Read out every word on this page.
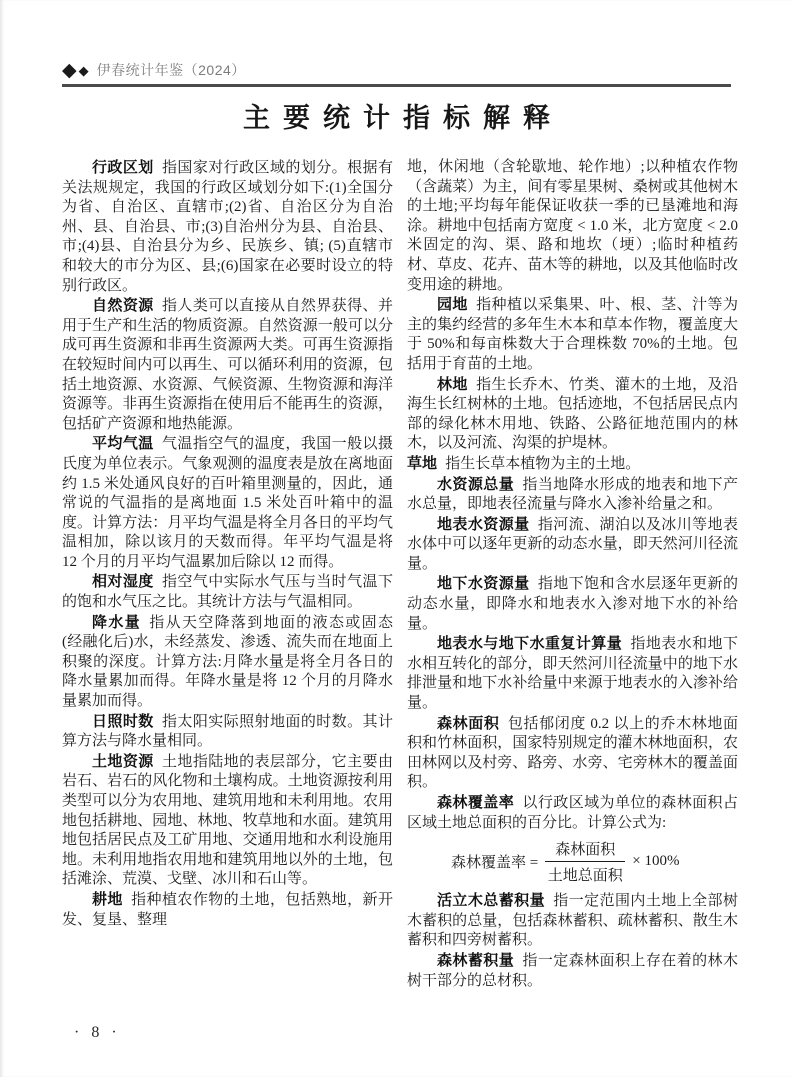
◆ ◆ 伊春统计年鉴（2024）
主要统计指标解释

行政区划 指国家对行政区域的划分。根据有关法规规定，我国的行政区域划分如下:(1)全国分为省、自治区、直辖市;(2)省、自治区分为自治州、县、自治县、市;(3)自治州分为县、自治县、市;(4)县、自治县分为乡、民族乡、镇; (5)直辖市和较大的市分为区、县;(6)国家在必要时设立的特别行政区。

自然资源 指人类可以直接从自然界获得、并用于生产和生活的物质资源。自然资源一般可以分成可再生资源和非再生资源两大类。可再生资源指在较短时间内可以再生、可以循环利用的资源，包括土地资源、水资源、气候资源、生物资源和海洋资源等。非再生资源指在使用后不能再生的资源，包括矿产资源和地热能源。

平均气温 气温指空气的温度，我国一般以摄氏度为单位表示。气象观测的温度表是放在离地面约 1.5 米处通风良好的百叶箱里测量的，因此，通常说的气温指的是离地面 1.5 米处百叶箱中的温度。计算方法：月平均气温是将全月各日的平均气温相加，除以该月的天数而得。年平均气温是将 12 个月的月平均气温累加后除以 12 而得。

相对湿度 指空气中实际水气压与当时气温下的饱和水气压之比。其统计方法与气温相同。

降水量 指从天空降落到地面的液态或固态 (经融化后)水，未经蒸发、渗透、流失而在地面上积聚的深度。计算方法:月降水量是将全月各日的降水量累加而得。年降水量是将 12 个月的月降水量累加而得。

日照时数 指太阳实际照射地面的时数。其计算方法与降水量相同。

土地资源 土地指陆地的表层部分，它主要由岩石、岩石的风化物和土壤构成。土地资源按利用类型可以分为农用地、建筑用地和未利用地。农用地包括耕地、园地、林地、牧草地和水面。建筑用地包括居民点及工矿用地、交通用地和水利设施用地。未利用地指农用地和建筑用地以外的土地，包括滩涂、荒漠、戈壁、冰川和石山等。

耕地 指种植农作物的土地，包括熟地，新开发、复垦、整理

地，休闲地（含轮歇地、轮作地）;以种植农作物（含蔬菜）为主，间有零星果树、桑树或其他树木的土地;平均每年能保证收获一季的已垦滩地和海涂。耕地中包括南方宽度 < 1.0 米，北方宽度 < 2.0 米固定的沟、渠、路和地坎（埂）;临时种植药材、草皮、花卉、苗木等的耕地，以及其他临时改变用途的耕地。

园地 指种植以采集果、叶、根、茎、汁等为主的集约经营的多年生木本和草本作物，覆盖度大于 50%和每亩株数大于合理株数 70%的土地。包括用于育苗的土地。

林地 指生长乔木、竹类、灌木的土地，及沿海生长红树林的土地。包括迹地，不包括居民点内部的绿化林木用地、铁路、公路征地范围内的林木，以及河流、沟渠的护堤林。

草地 指生长草本植物为主的土地。

水资源总量 指当地降水形成的地表和地下产水总量，即地表径流量与降水入渗补给量之和。

地表水资源量 指河流、湖泊以及冰川等地表水体中可以逐年更新的动态水量，即天然河川径流量。

地下水资源量 指地下饱和含水层逐年更新的动态水量，即降水和地表水入渗对地下水的补给量。

地表水与地下水重复计算量 指地表水和地下水相互转化的部分，即天然河川径流量中的地下水排泄量和地下水补给量中来源于地表水的入渗补给量。

森林面积 包括郁闭度 0.2 以上的乔木林地面积和竹林面积，国家特别规定的灌木林地面积，农田林网以及村旁、路旁、水旁、宅旁林木的覆盖面积。

森林覆盖率 以行政区域为单位的森林面积占区域土地总面积的百分比。计算公式为:

森林覆盖率 = $\frac{\text{森林面积}}{\text{土地总面积}} \times 100\%$

活立木总蓄积量 指一定范围内土地上全部树木蓄积的总量，包括森林蓄积、疏林蓄积、散生木蓄积和四旁树蓄积。

森林蓄积量 指一定森林面积上存在着的林木树干部分的总材积。

· 8 ·
